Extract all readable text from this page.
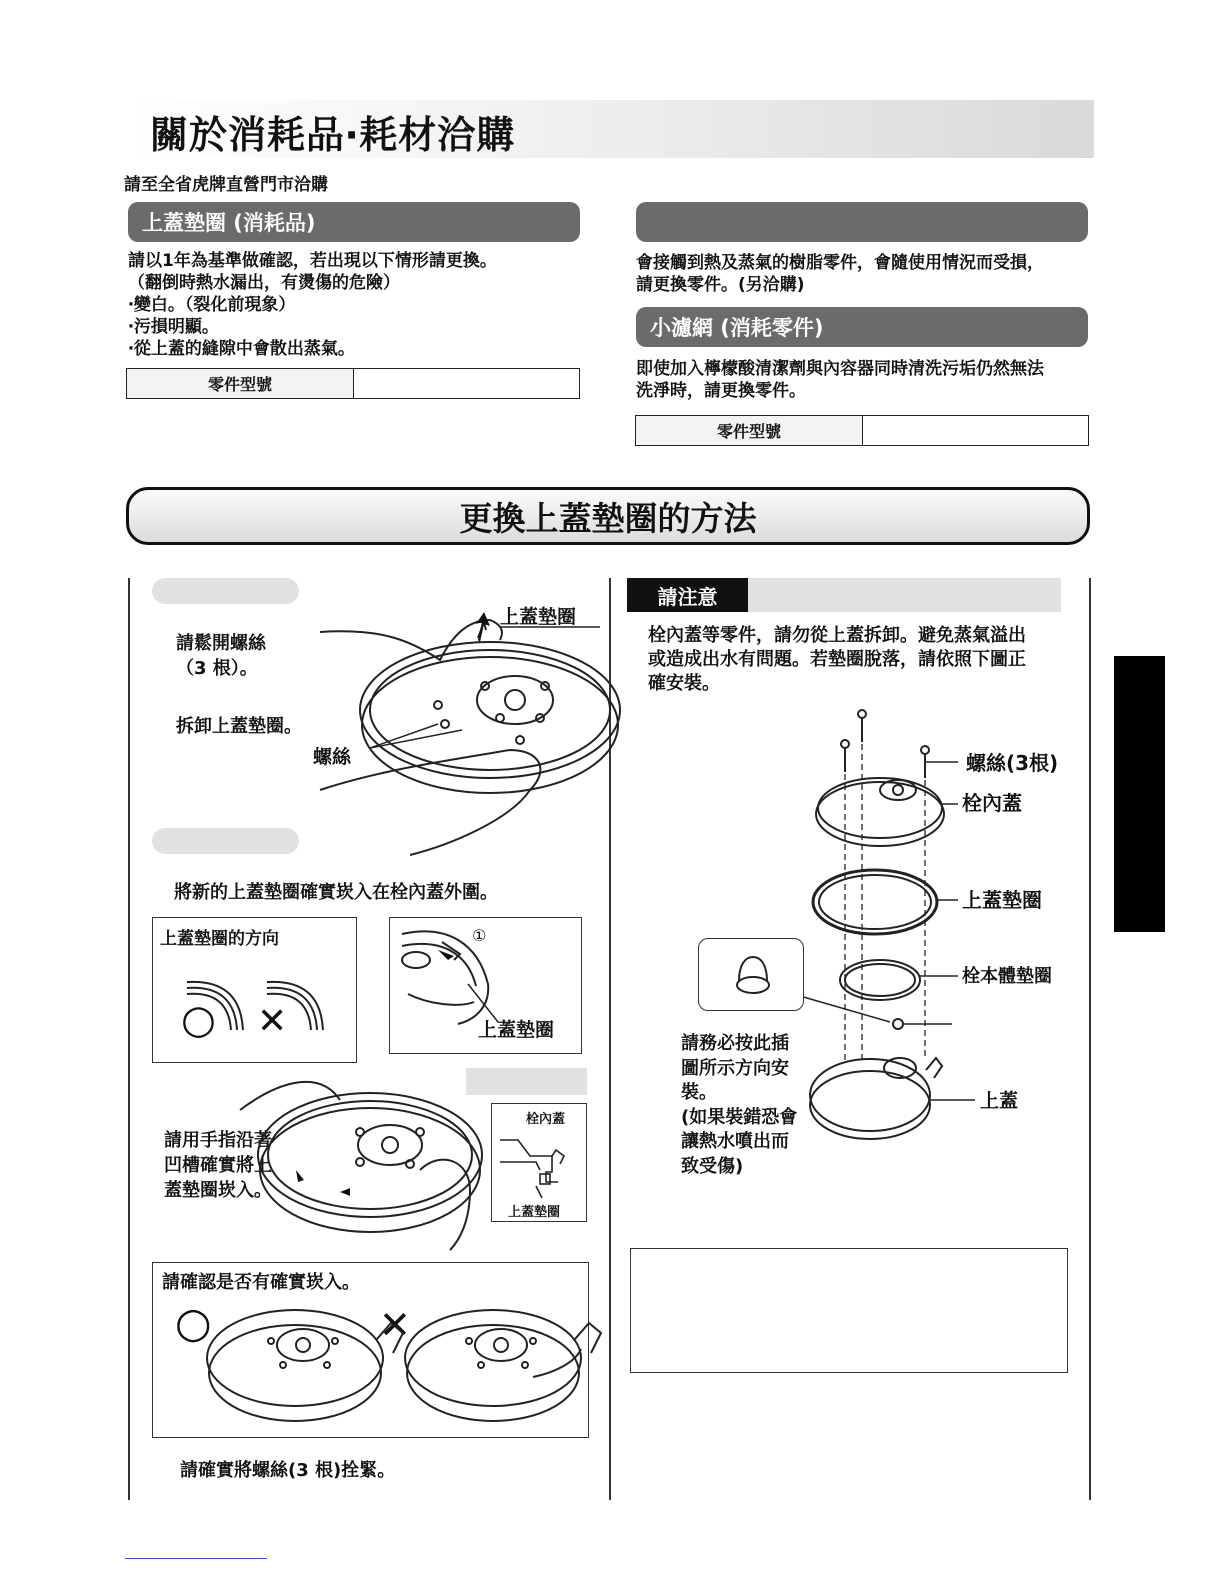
關於消耗品‧耗材洽購
請至全省虎牌直營門市洽購
上蓋墊圈 (消耗品)
請以1年為基準做確認，若出現以下情形請更換。
（翻倒時熱水漏出，有燙傷的危險）
‧變白。（裂化前現象）
‧污損明顯。
‧從上蓋的縫隙中會散出蒸氣。
零件型號
會接觸到熱及蒸氣的樹脂零件，會隨使用情況而受損，
請更換零件。(另洽購)
小濾網 (消耗零件)
即使加入檸檬酸清潔劑與內容器同時清洗污垢仍然無法
洗淨時，請更換零件。
零件型號
更換上蓋墊圈的方法
請鬆開螺絲
（3 根）。
拆卸上蓋墊圈。
上蓋墊圈
螺絲
將新的上蓋墊圈確實崁入在栓內蓋外圍。
上蓋墊圈的方向
○ ✕
①
上蓋墊圈
請用手指沿著
凹槽確實將上
蓋墊圈崁入。
栓內蓋
上蓋墊圈
請確認是否有確實崁入。
○	✕
請確實將螺絲(3 根)拴緊。
請注意
栓內蓋等零件，請勿從上蓋拆卸。避免蒸氣溢出
或造成出水有問題。若墊圈脫落，請依照下圖正
確安裝。
螺絲(3根)
栓內蓋
上蓋墊圈
栓本體墊圈
上蓋
請務必按此插
圖所示方向安
裝。
(如果裝錯恐會
讓熱水噴出而
致受傷)
